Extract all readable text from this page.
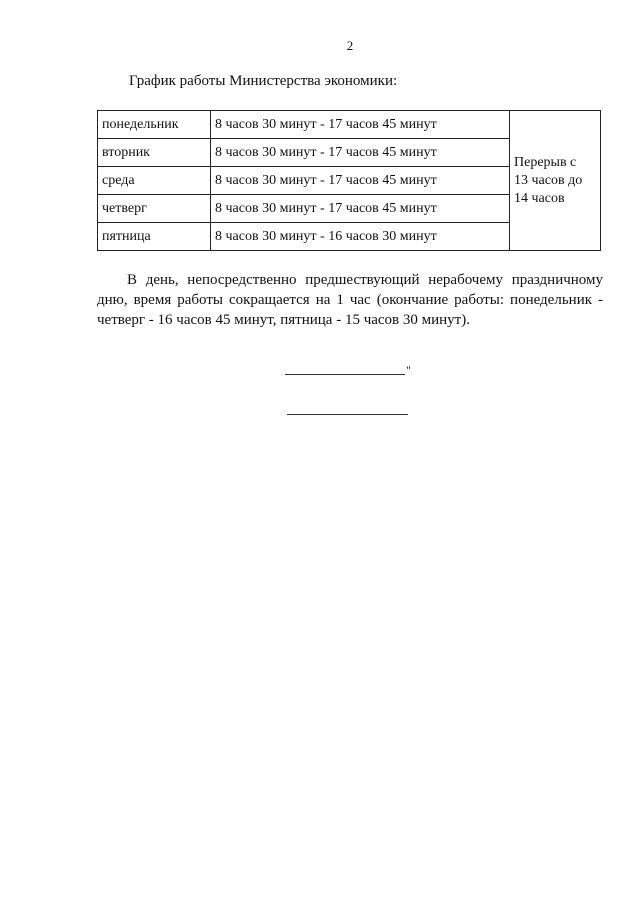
2
График работы Министерства экономики:
понедельник	8 часов 30 минут - 17 часов 45 минут	Перерыв с
13 часов до
14 часов

вторник	8 часов 30 минут - 17 часов 45 минут	
среда	8 часов 30 минут - 17 часов 45 минут	
четверг	8 часов 30 минут - 17 часов 45 минут	
пятница	8 часов 30 минут - 16 часов 30 минут	
В день, непосредственно предшествующий нерабочему праздничному дню, время работы сокращается на 1 час (окончание работы: понедельник - четверг - 16 часов 45 минут, пятница - 15 часов 30 минут).
"
